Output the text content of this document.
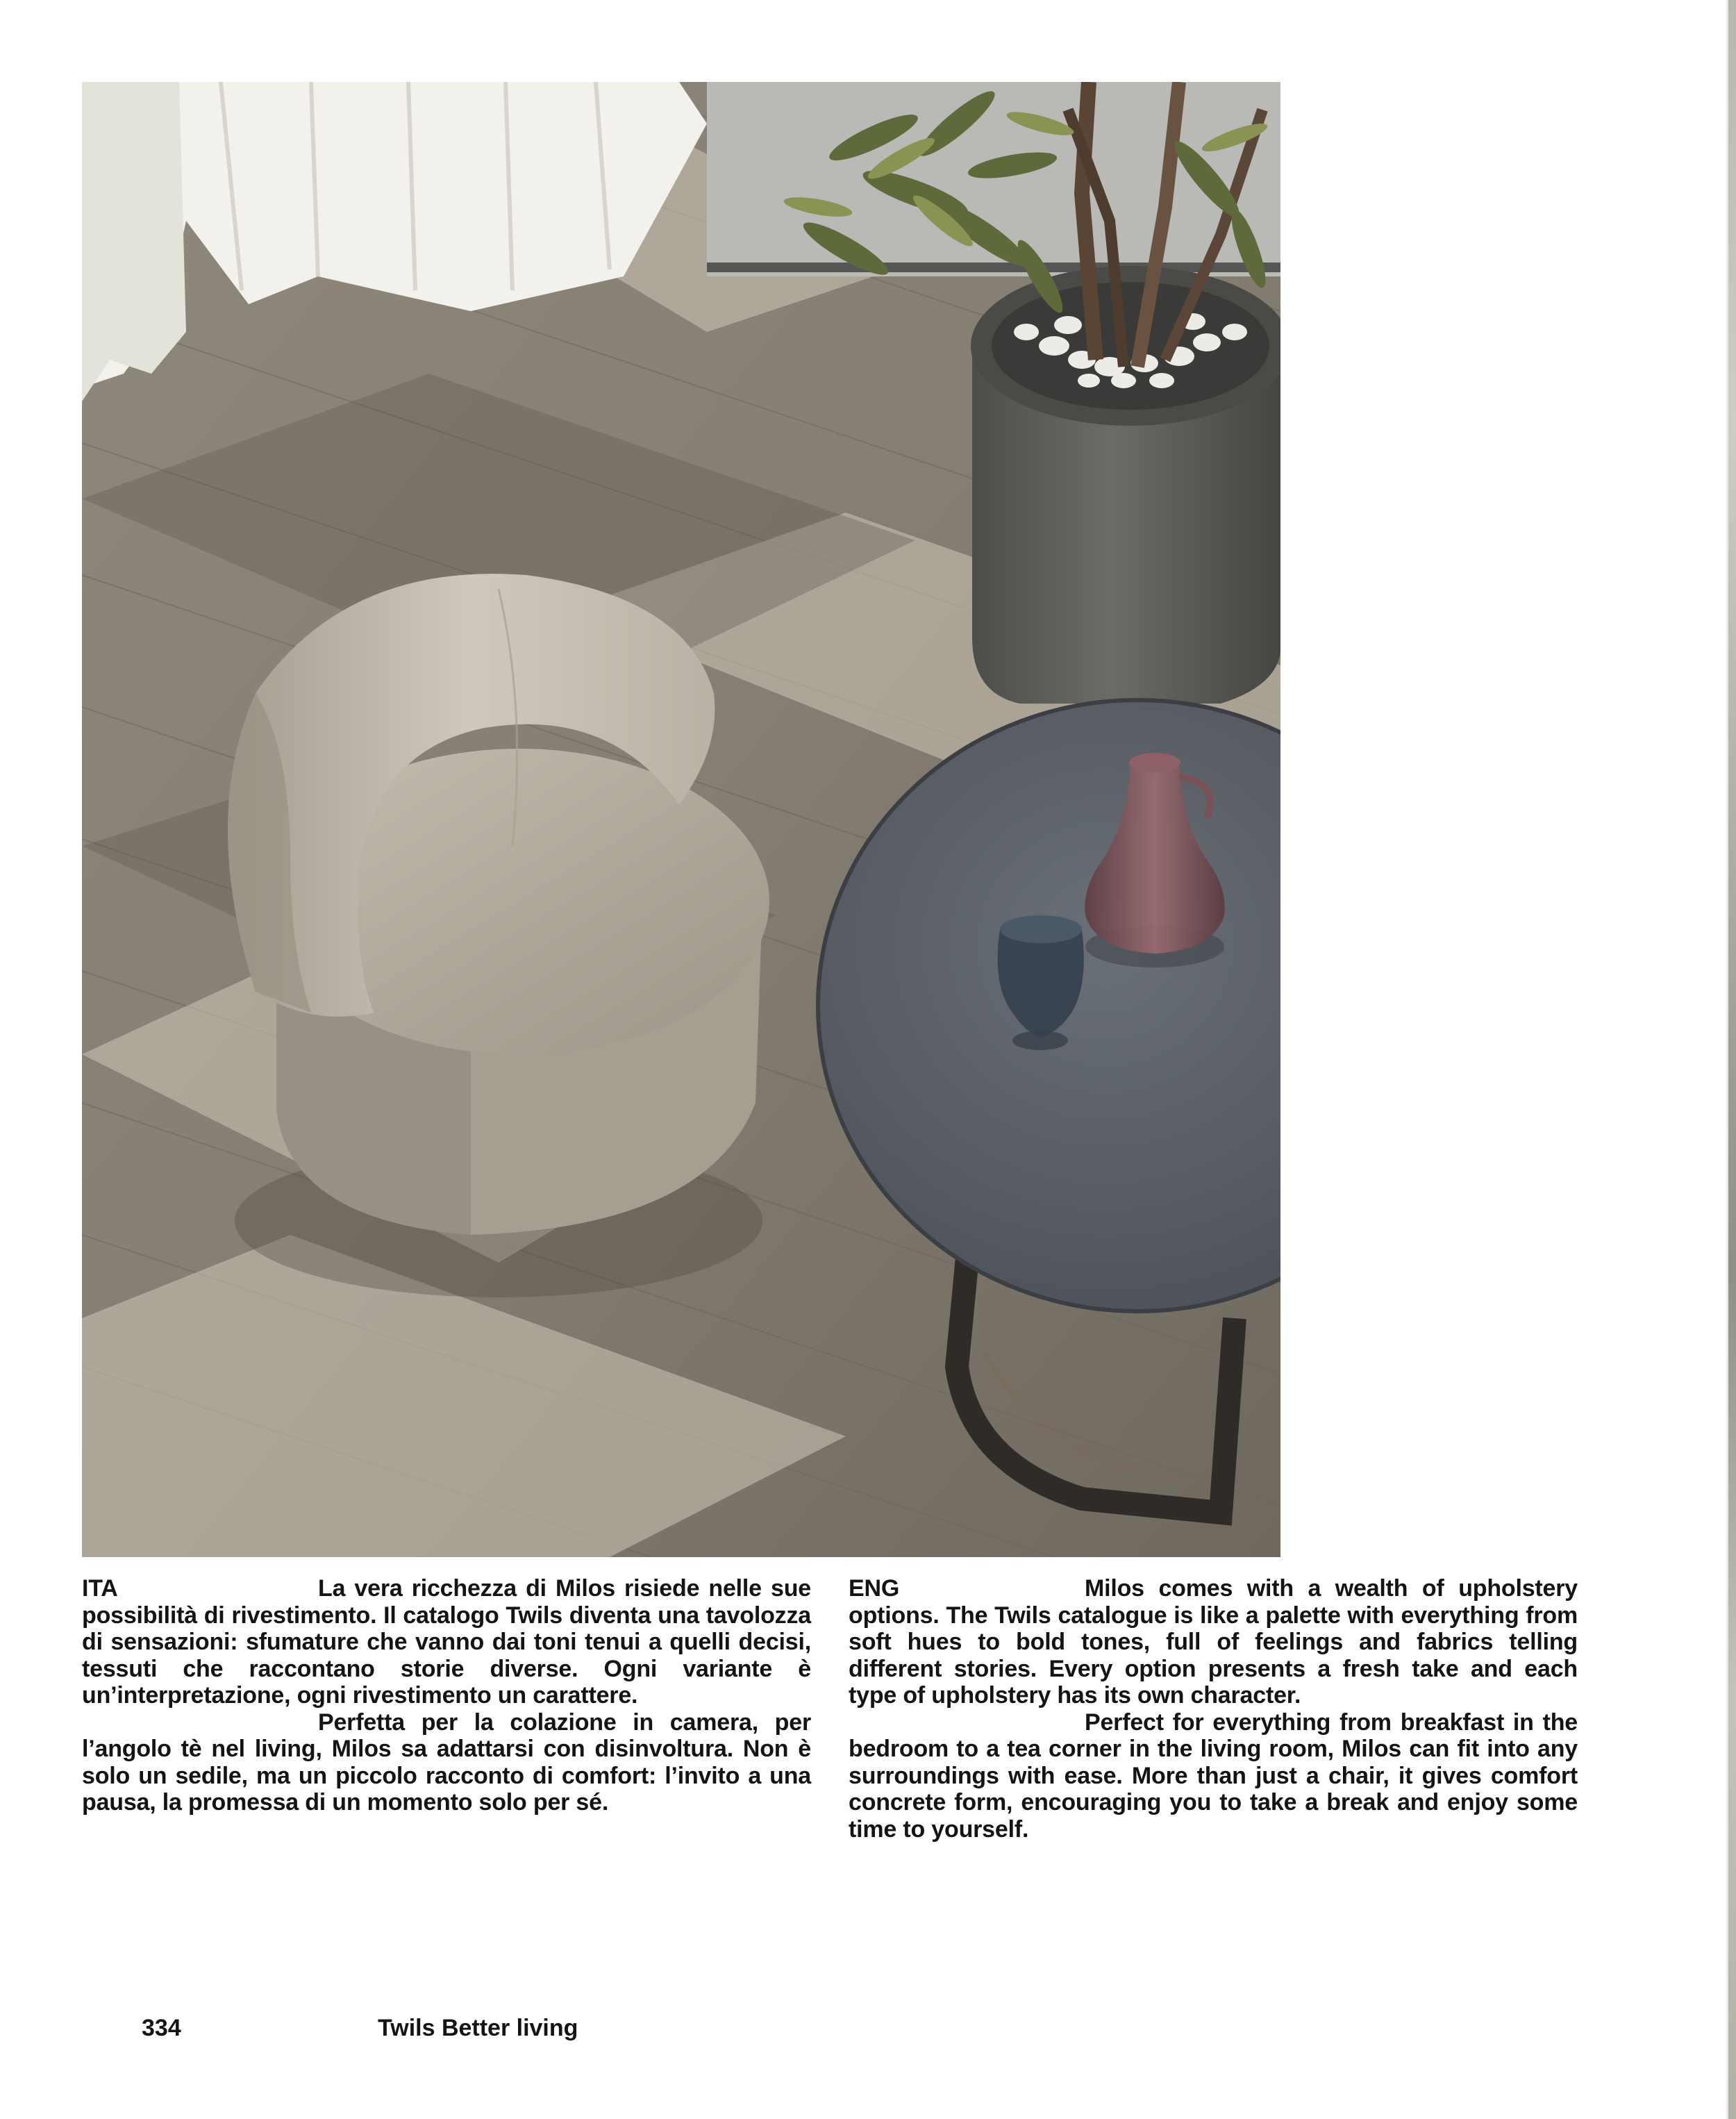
ITA	La vera ricchezza di Milos risiede nelle sue possibilità di rivestimento. Il catalogo Twils diventa una tavolozza di sensazioni: sfumature che vanno dai toni tenui a quelli decisi, tessuti che raccontano storie diverse. Ogni variante è un’interpretazione, ogni rivestimento un carattere.

Perfetta per la colazione in camera, per l’angolo tè nel living, Milos sa adattarsi con disinvoltura. Non è solo un sedile, ma un piccolo racconto di comfort: l’invito a una pausa, la promessa di un momento solo per sé.

ENG	Milos comes with a wealth of upholstery options. The Twils catalogue is like a palette with everything from soft hues to bold tones, full of feelings and fabrics telling different stories. Every option presents a fresh take and each type of upholstery has its own character.

Perfect for everything from breakfast in the bedroom to a tea corner in the living room, Milos can fit into any surroundings with ease. More than just a chair, it gives comfort concrete form, encouraging you to take a break and enjoy some time to yourself.

334	Twils Better living
